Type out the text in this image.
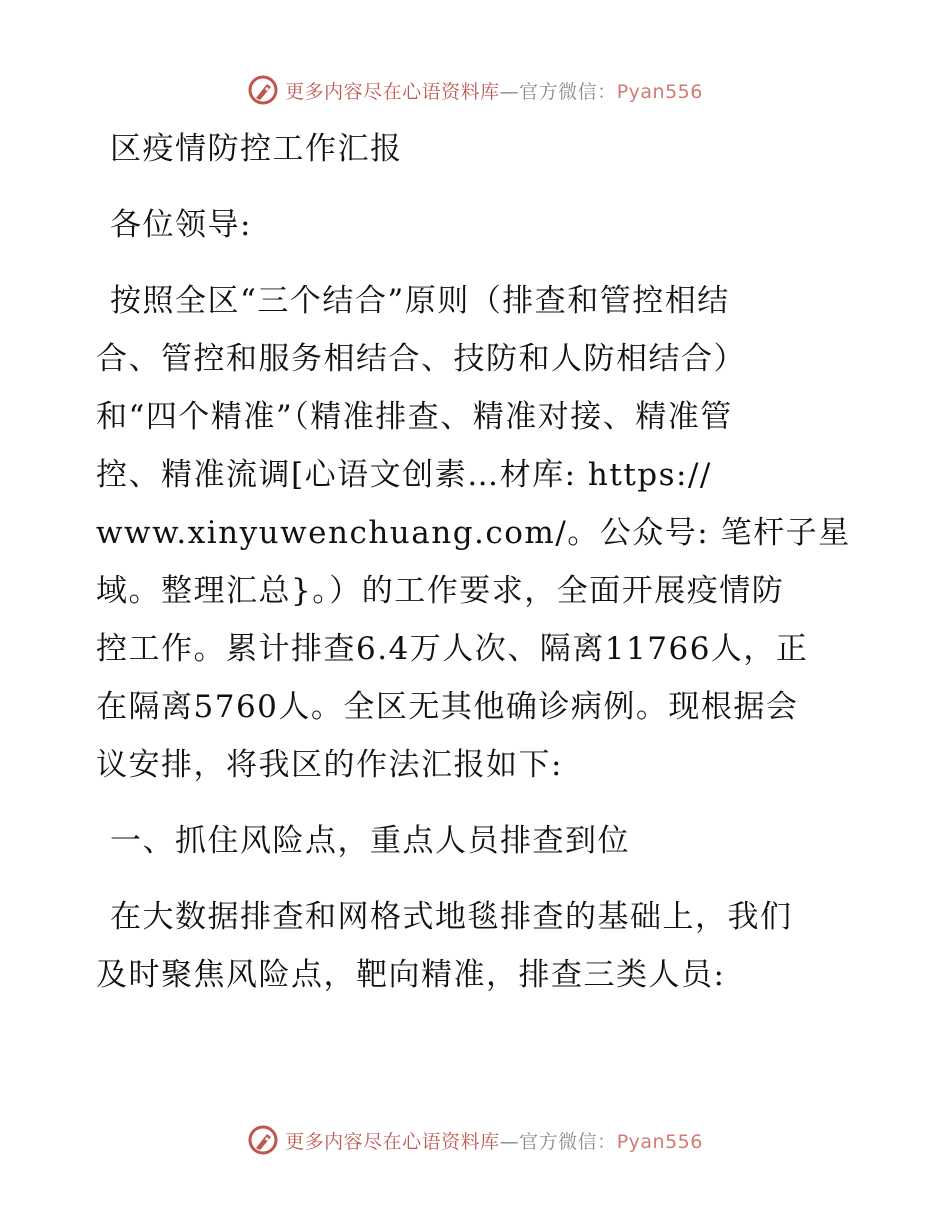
更多内容尽在心语资料库—官方微信：Pyan556
区疫情防控工作汇报
各位领导:
按照全区“三个结合”原则（排查和管控相结
合、管控和服务相结合、技防和人防相结合）
和“四个精准”（精准排查、精准对接、精准管
控、精准流调[心语文创素…材库: https://
www.xinyuwenchuang.com/。公众号: 笔杆子星
域。整理汇总}。）的工作要求，全面开展疫情防
控工作。累计排查6.4万人次、隔离11766人，正
在隔离5760人。全区无其他确诊病例。现根据会
议安排，将我区的作法汇报如下:
一、抓住风险点，重点人员排查到位
在大数据排查和网格式地毯排查的基础上，我们
及时聚焦风险点，靶向精准，排查三类人员:
更多内容尽在心语资料库—官方微信：Pyan556
